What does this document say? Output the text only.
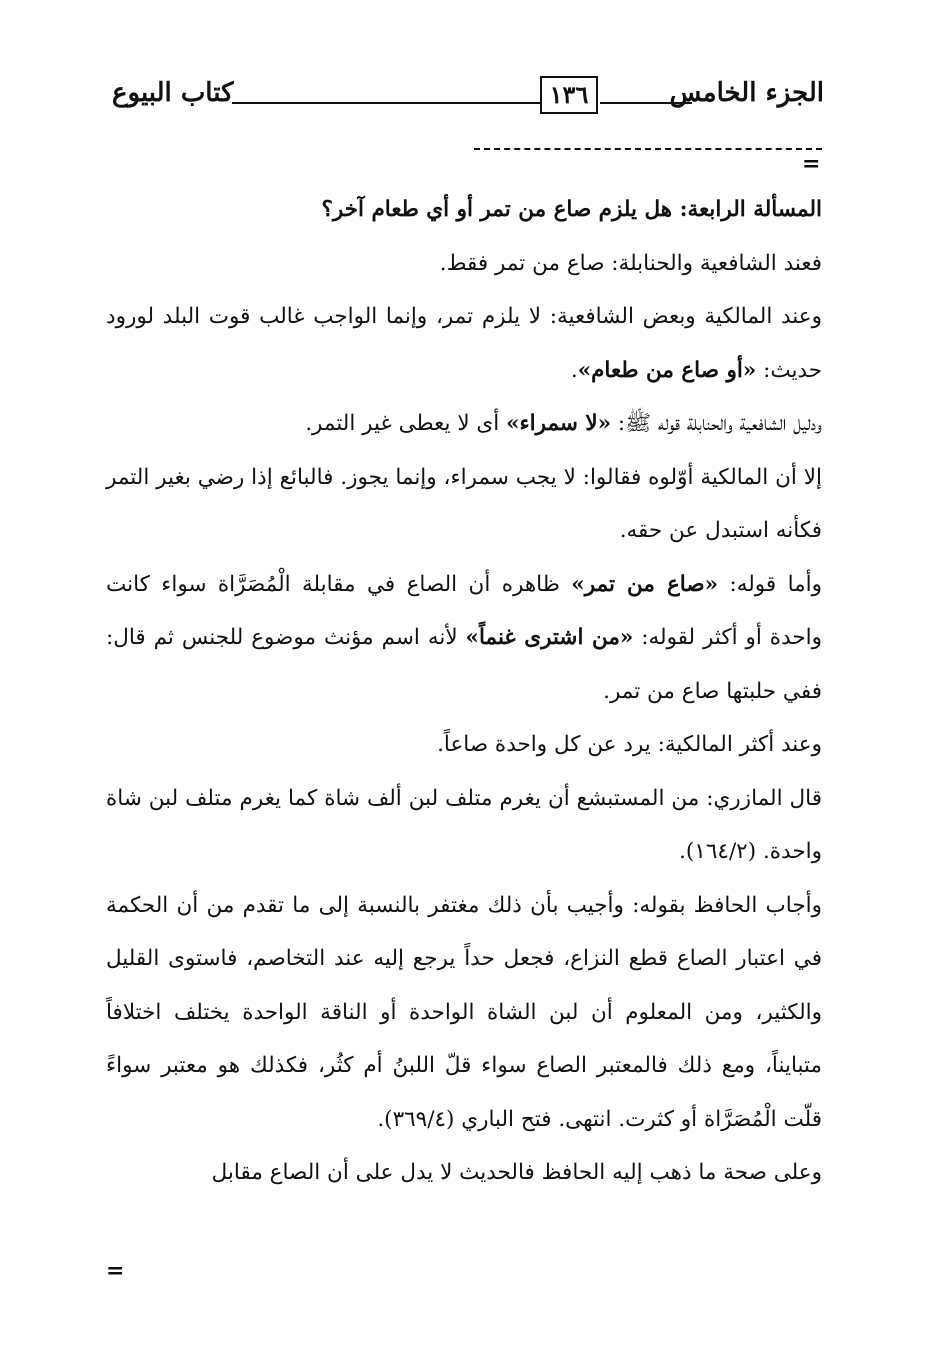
الجزء الخامس
١٣٦
كتاب البيوع
=

المسألة الرابعة: هل يلزم صاع من تمر أو أي طعام آخر؟

فعند الشافعية والحنابلة: صاع من تمر فقط.

وعند المالكية وبعض الشافعية: لا يلزم تمر، وإنما الواجب غالب قوت البلد لورود حديث: «أو صاع من طعام».

ودليل الشافعية والحنابلة قوله ﷺ: «لا سمراء» أى لا يعطى غير التمر.

إلا أن المالكية أوّلوه فقالوا: لا يجب سمراء، وإنما يجوز. فالبائع إذا رضي بغير التمر فكأنه استبدل عن حقه.

وأما قوله: «صاع من تمر» ظاهره أن الصاع في مقابلة الْمُصَرَّاة سواء كانت واحدة أو أكثر لقوله: «من اشترى غنماً» لأنه اسم مؤنث موضوع للجنس ثم قال: ففي حلبتها صاع من تمر.

وعند أكثر المالكية: يرد عن كل واحدة صاعاً.

قال المازري: من المستبشع أن يغرم متلف لبن ألف شاة كما يغرم متلف لبن شاة واحدة. (١٦٤/٢).

وأجاب الحافظ بقوله: وأجيب بأن ذلك مغتفر بالنسبة إلى ما تقدم من أن الحكمة في اعتبار الصاع قطع النزاع، فجعل حداً يرجع إليه عند التخاصم، فاستوى القليل والكثير، ومن المعلوم أن لبن الشاة الواحدة أو الناقة الواحدة يختلف اختلافاً متبايناً، ومع ذلك فالمعتبر الصاع سواء قلّ اللبنُ أم كثُر، فكذلك هو معتبر سواءً قلّت الْمُصَرَّاة أو كثرت. انتهى. فتح الباري (٣٦٩/٤).

وعلى صحة ما ذهب إليه الحافظ فالحديث لا يدل على أن الصاع مقابل

=
